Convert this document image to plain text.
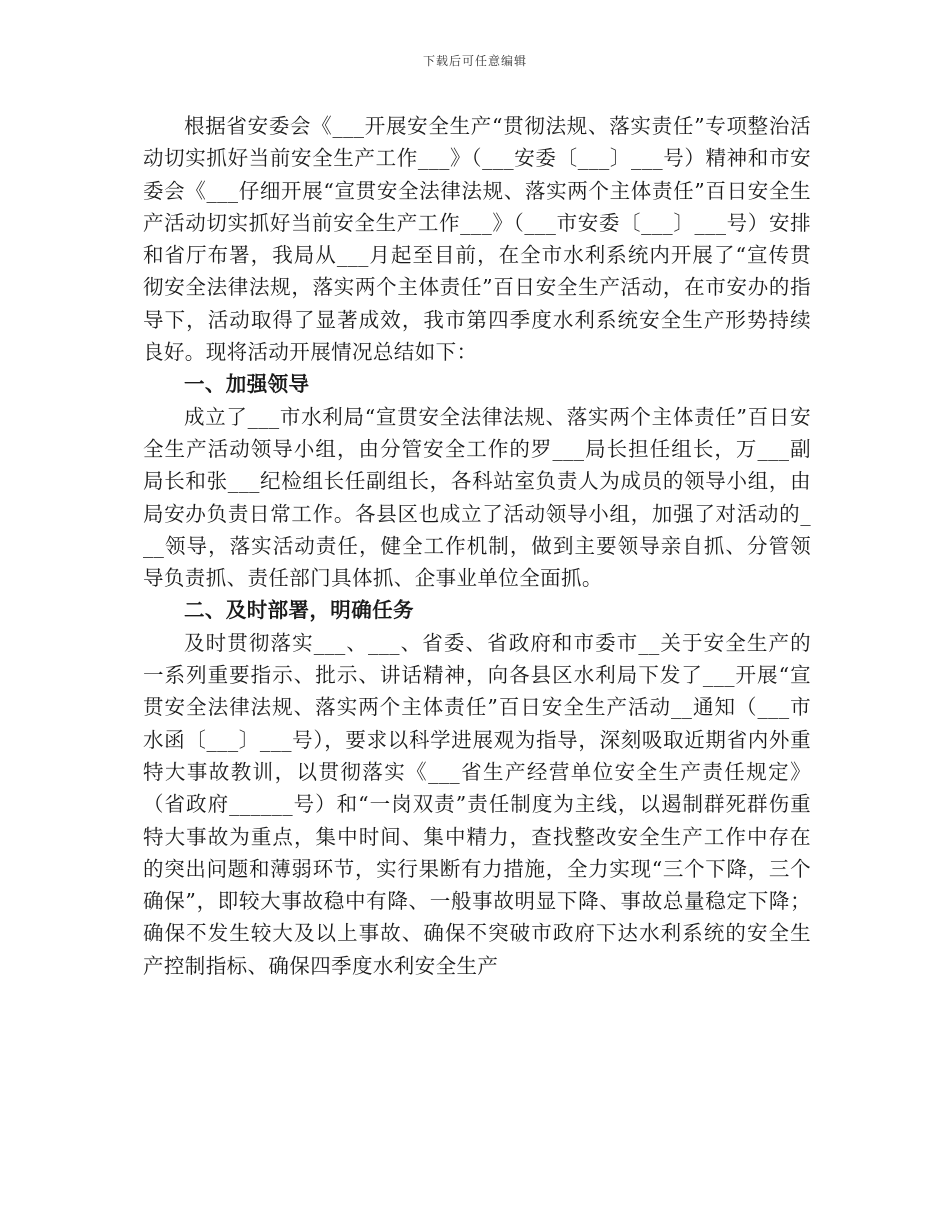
下载后可任意编辑

根据省安委会《___开展安全生产“贯彻法规、落实责任”专项整治活动切实抓好当前安全生产工作___》（___安委〔___〕___号）精神和市安委会《___仔细开展“宣贯安全法律法规、落实两个主体责任”百日安全生产活动切实抓好当前安全生产工作___》（___市安委〔___〕___号）安排和省厅布署，我局从___月起至目前，在全市水利系统内开展了“宣传贯彻安全法律法规，落实两个主体责任”百日安全生产活动，在市安办的指导下，活动取得了显著成效，我市第四季度水利系统安全生产形势持续良好。现将活动开展情况总结如下：

一、加强领导

成立了___市水利局“宣贯安全法律法规、落实两个主体责任”百日安全生产活动领导小组，由分管安全工作的罗___局长担任组长，万___副局长和张___纪检组长任副组长，各科站室负责人为成员的领导小组，由局安办负责日常工作。各县区也成立了活动领导小组，加强了对活动的___领导，落实活动责任，健全工作机制，做到主要领导亲自抓、分管领导负责抓、责任部门具体抓、企事业单位全面抓。

二、及时部署，明确任务

及时贯彻落实___、___、省委、省政府和市委市__关于安全生产的一系列重要指示、批示、讲话精神，向各县区水利局下发了___开展“宣贯安全法律法规、落实两个主体责任”百日安全生产活动__通知（___市水函〔___〕___号），要求以科学进展观为指导，深刻吸取近期省内外重特大事故教训，以贯彻落实《___省生产经营单位安全生产责任规定》（省政府______号）和“一岗双责”责任制度为主线，以遏制群死群伤重特大事故为重点，集中时间、集中精力，查找整改安全生产工作中存在的突出问题和薄弱环节，实行果断有力措施，全力实现“三个下降，三个确保”，即较大事故稳中有降、一般事故明显下降、事故总量稳定下降；确保不发生较大及以上事故、确保不突破市政府下达水利系统的安全生产控制指标、确保四季度水利安全生产
